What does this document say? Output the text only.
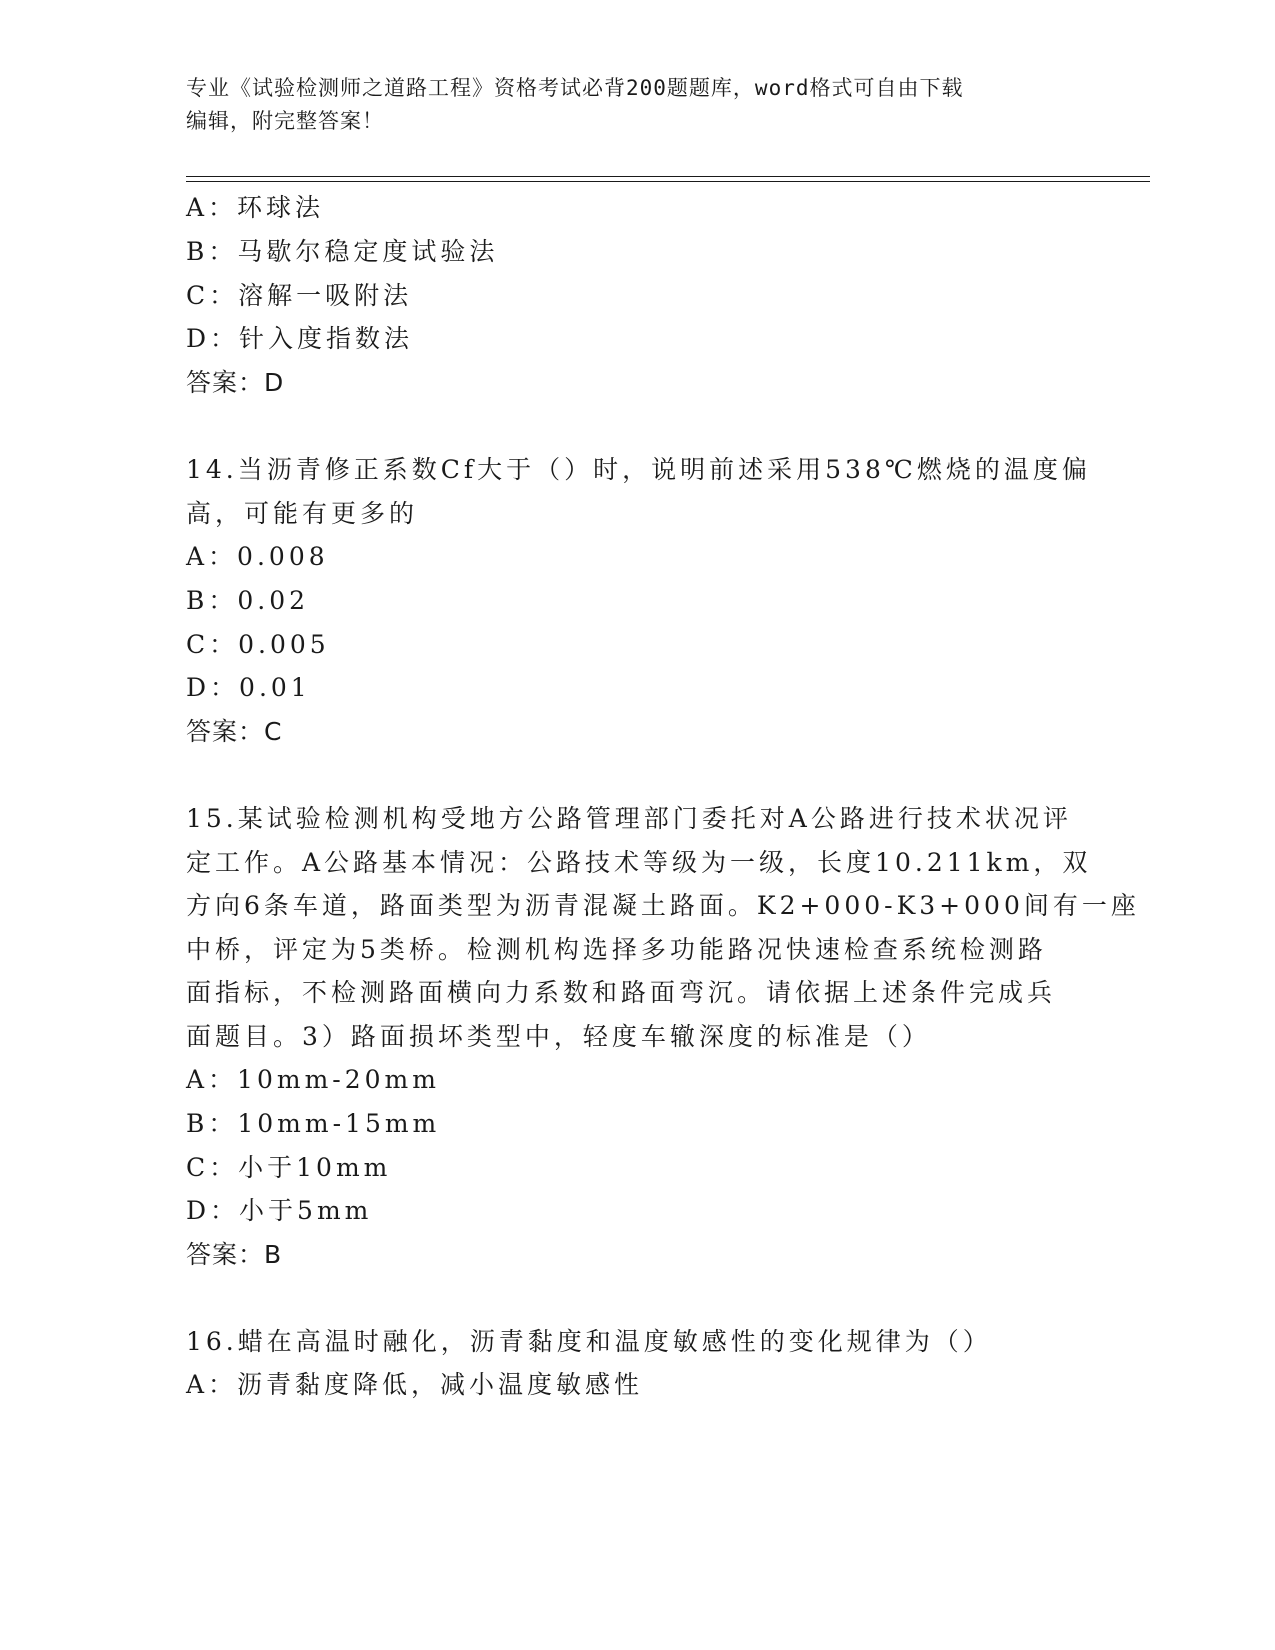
专业《试验检测师之道路工程》资格考试必背200题题库，word格式可自由下载
编辑，附完整答案！
A：环球法
B：马歇尔稳定度试验法
C：溶解一吸附法
D：针入度指数法
答案：D
14.当沥青修正系数Cf大于（）时，说明前述采用538℃燃烧的温度偏
高，可能有更多的
A：0.008
B：0.02
C：0.005
D：0.01
答案：C
15.某试验检测机构受地方公路管理部门委托对A公路进行技术状况评
定工作。A公路基本情况：公路技术等级为一级，长度10.211km，双
方向6条车道，路面类型为沥青混凝土路面。K2+000-K3+000间有一座
中桥，评定为5类桥。检测机构选择多功能路况快速检查系统检测路
面指标，不检测路面横向力系数和路面弯沉。请依据上述条件完成兵
面题目。3）路面损坏类型中，轻度车辙深度的标准是（）
A：10mm-20mm
B：10mm-15mm
C：小于10mm
D：小于5mm
答案：B
16.蜡在高温时融化，沥青黏度和温度敏感性的变化规律为（）
A：沥青黏度降低，减小温度敏感性
